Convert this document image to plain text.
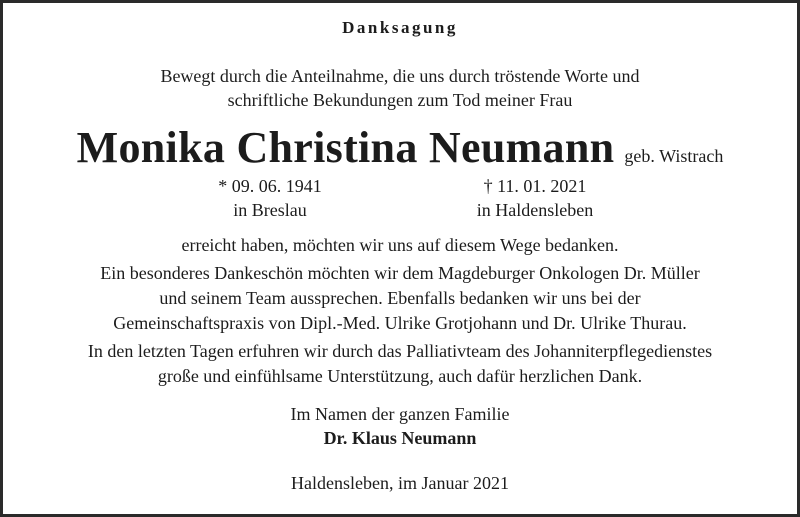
Danksagung
Bewegt durch die Anteilnahme, die uns durch tröstende Worte und
schriftliche Bekundungen zum Tod meiner Frau
Monika Christina Neumann geb. Wistrach
* 09. 06. 1941
in Breslau
† 11. 01. 2021
in Haldensleben
erreicht haben, möchten wir uns auf diesem Wege bedanken.
Ein besonderes Dankeschön möchten wir dem Magdeburger Onkologen Dr. Müller
und seinem Team aussprechen. Ebenfalls bedanken wir uns bei der
Gemeinschaftspraxis von Dipl.-Med. Ulrike Grotjohann und Dr. Ulrike Thurau.
In den letzten Tagen erfuhren wir durch das Palliativteam des Johanniterpflegedienstes
große und einfühlsame Unterstützung, auch dafür herzlichen Dank.
Im Namen der ganzen Familie
Dr. Klaus Neumann
Haldensleben, im Januar 2021
